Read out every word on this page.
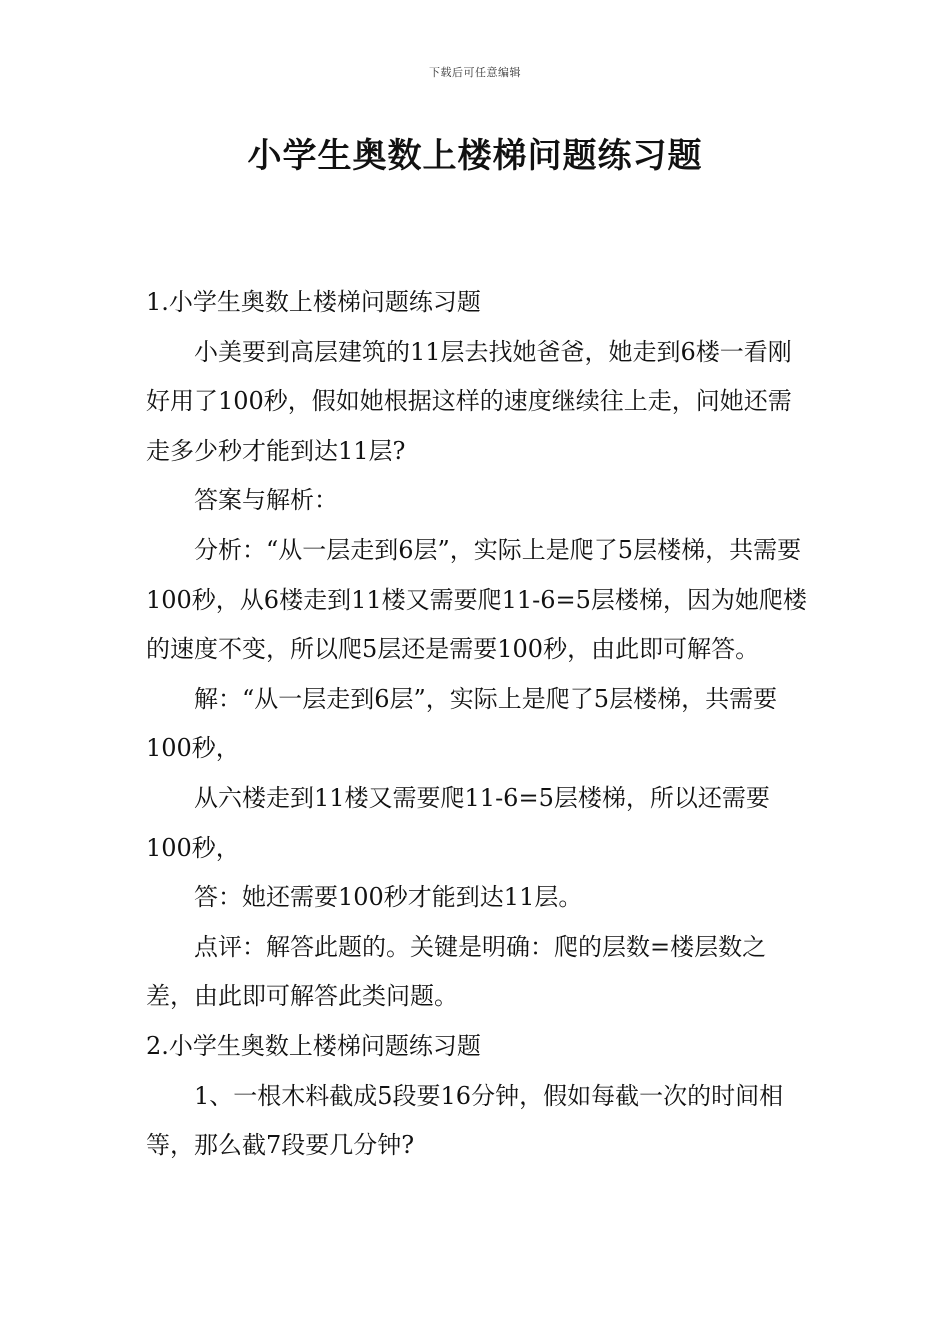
下载后可任意编辑
小学生奥数上楼梯问题练习题

1.小学生奥数上楼梯问题练习题

小美要到高层建筑的11层去找她爸爸，她走到6楼一看刚好用了100秒，假如她根据这样的速度继续往上走，问她还需走多少秒才能到达11层?

答案与解析：

分析：“从一层走到6层”，实际上是爬了5层楼梯，共需要100秒，从6楼走到11楼又需要爬11-6=5层楼梯，因为她爬楼的速度不变，所以爬5层还是需要100秒，由此即可解答。

解：“从一层走到6层”，实际上是爬了5层楼梯，共需要100秒，

从六楼走到11楼又需要爬11-6=5层楼梯，所以还需要100秒，

答：她还需要100秒才能到达11层。

点评：解答此题的。关键是明确：爬的层数=楼层数之差，由此即可解答此类问题。

2.小学生奥数上楼梯问题练习题

1、一根木料截成5段要16分钟，假如每截一次的时间相等，那么截7段要几分钟?
